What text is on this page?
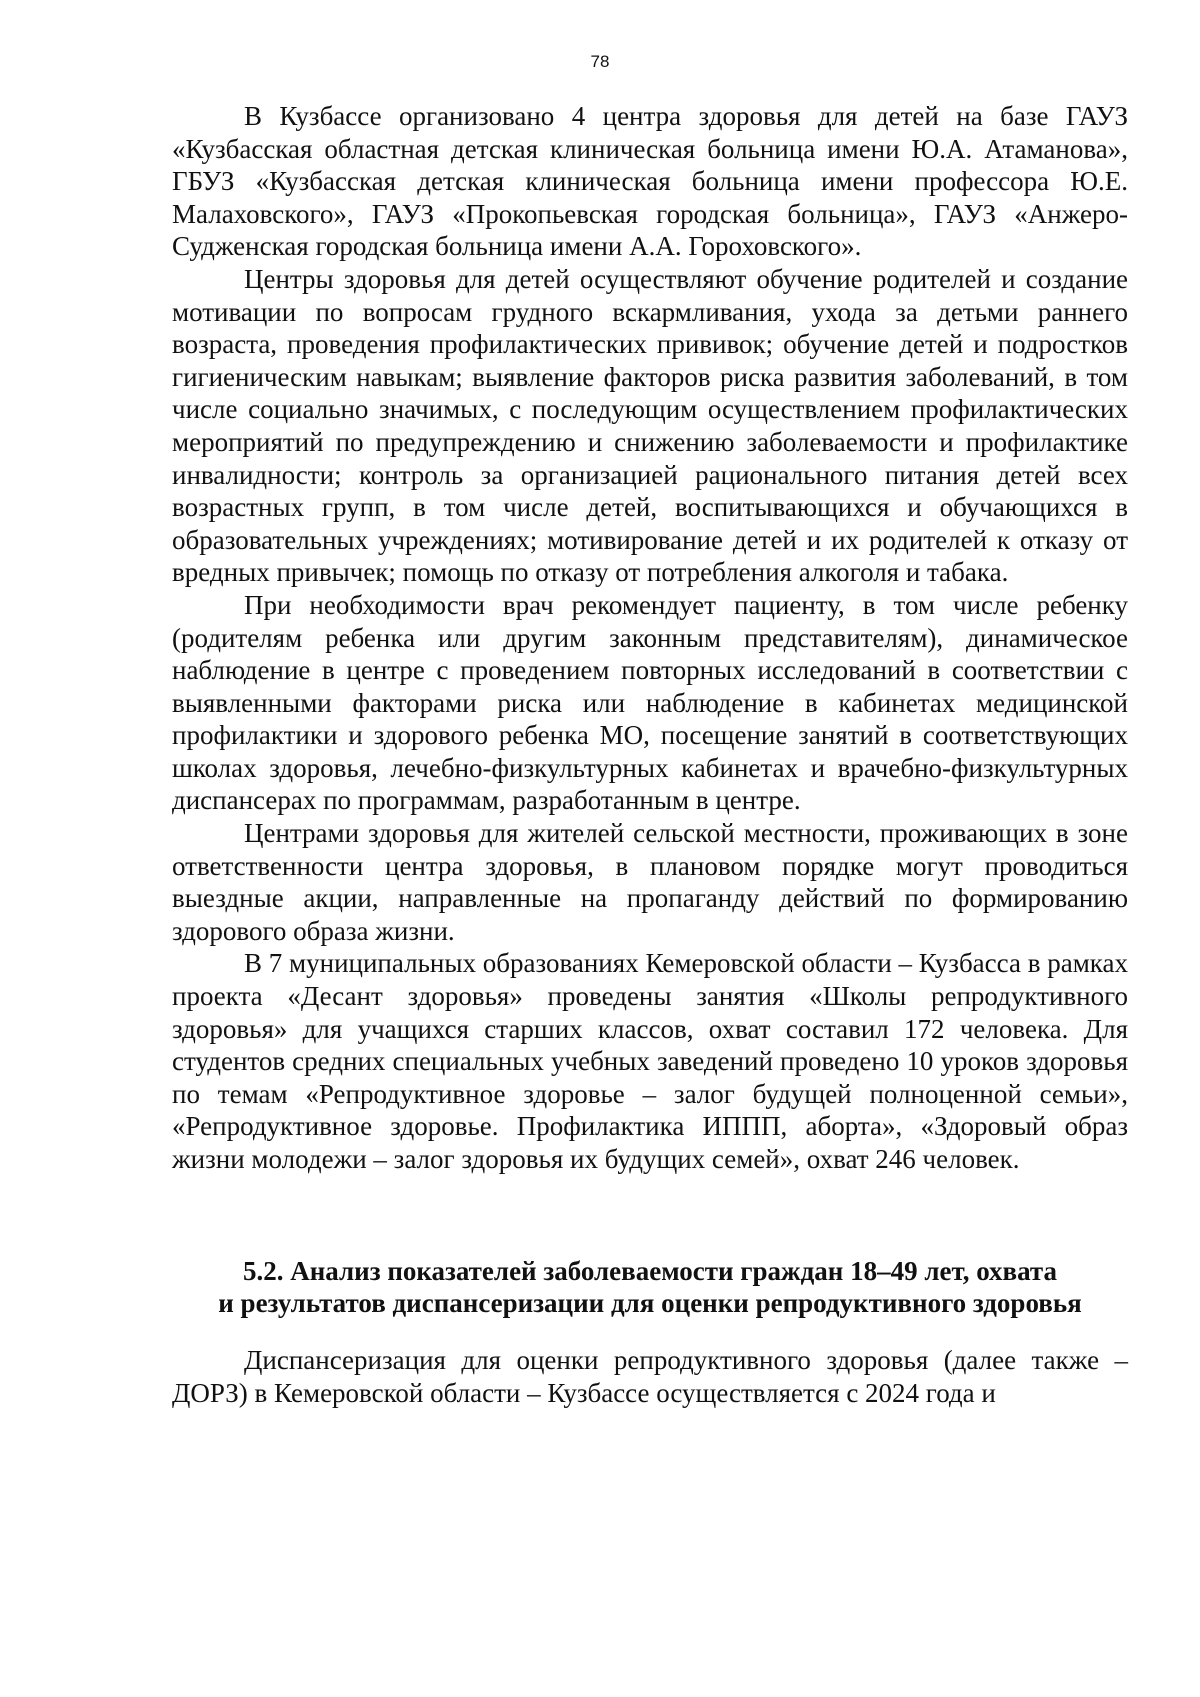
78

В Кузбассе организовано 4 центра здоровья для детей на базе ГАУЗ «Кузбасская областная детская клиническая больница имени Ю.А. Атаманова», ГБУЗ «Кузбасская детская клиническая больница имени профессора Ю.Е. Малаховского», ГАУЗ «Прокопьевская городская больница», ГАУЗ «Анжеро-Судженская городская больница имени А.А. Гороховского».

Центры здоровья для детей осуществляют обучение родителей и создание мотивации по вопросам грудного вскармливания, ухода за детьми раннего возраста, проведения профилактических прививок; обучение детей и подростков гигиеническим навыкам; выявление факторов риска развития заболеваний, в том числе социально значимых, с последующим осуществлением профилактических мероприятий по предупреждению и снижению заболеваемости и профилактике инвалидности; контроль за организацией рационального питания детей всех возрастных групп, в том числе детей, воспитывающихся и обучающихся в образовательных учреждениях; мотивирование детей и их родителей к отказу от вредных привычек; помощь по отказу от потребления алкоголя и табака.

При необходимости врач рекомендует пациенту, в том числе ребенку (родителям ребенка или другим законным представителям), динамическое наблюдение в центре с проведением повторных исследований в соответствии с выявленными факторами риска или наблюдение в кабинетах медицинской профилактики и здорового ребенка МО, посещение занятий в соответствующих школах здоровья, лечебно-физкультурных кабинетах и врачебно-физкультурных диспансерах по программам, разработанным в центре.

Центрами здоровья для жителей сельской местности, проживающих в зоне ответственности центра здоровья, в плановом порядке могут проводиться выездные акции, направленные на пропаганду действий по формированию здорового образа жизни.

В 7 муниципальных образованиях Кемеровской области – Кузбасса в рамках проекта «Десант здоровья» проведены занятия «Школы репродуктивного здоровья» для учащихся старших классов, охват составил 172 человека. Для студентов средних специальных учебных заведений проведено 10 уроков здоровья по темам «Репродуктивное здоровье – залог будущей полноценной семьи», «Репродуктивное здоровье. Профилактика ИППП, аборта», «Здоровый образ жизни молодежи – залог здоровья их будущих семей», охват 246 человек.

5.2. Анализ показателей заболеваемости граждан 18–49 лет, охвата
и результатов диспансеризации для оценки репродуктивного здоровья

Диспансеризация для оценки репродуктивного здоровья (далее также – ДОРЗ) в Кемеровской области – Кузбассе осуществляется с 2024 года и
